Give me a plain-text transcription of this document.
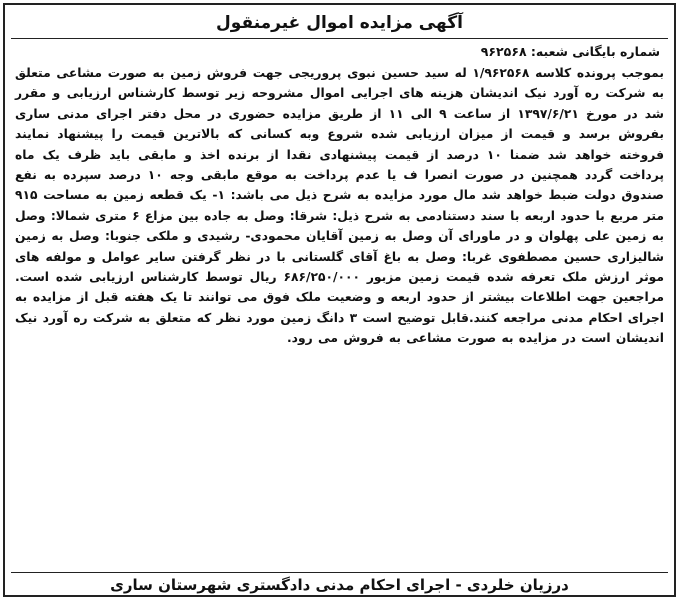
آگهی مزایده اموال غیرمنقول
شماره بایگانی شعبه: ۹۶۲۵۶۸
بموجب پرونده کلاسه ۱/۹۶۲۵۶۸ له سید حسین نبوی پروریجی جهت فروش زمین به صورت مشاعی متعلق به شرکت ره آورد نیک اندیشان هزینه های اجرایی اموال مشروحه زیر توسط کارشناس ارزیابی و مقرر شد در مورخ ۱۳۹۷/۶/۲۱ از ساعت ۹ الی ۱۱ از طریق مزایده حضوری در محل دفتر اجرای مدنی ساری بفروش برسد و قیمت از میزان ارزیابی شده شروع وبه کسانی که بالاترین قیمت را پیشنهاد نمایند فروخته خواهد شد ضمنا ۱۰ درصد از قیمت پیشنهادی نقدا از برنده اخذ و مابقی باید ظرف یک ماه پرداخت گردد همچنین در صورت انصرا ف یا عدم پرداخت به موقع مابقی وجه ۱۰ درصد سپرده به نفع صندوق دولت ضبط خواهد شد مال مورد مزایده به شرح ذیل می باشد: ۱- یک قطعه زمین به مساحت ۹۱۵ متر مربع با حدود اربعه با سند دستنادمی به شرح ذیل: شرقا: وصل به جاده بین مزاع ۶ متری شمالا: وصل به زمین علی پهلوان و در ماورای آن وصل به زمین آقایان محمودی- رشیدی و ملکی جنوبا: وصل به زمین شالیزاری حسین مصطفوی غربا: وصل به باغ آقای گلستانی با در نظر گرفتن سایر عوامل و مولفه های موثر ارزش ملک تعرفه شده قیمت زمین مزبور ۶۸۶/۲۵۰/۰۰۰ ریال توسط کارشناس ارزیابی شده است. مراجعین جهت اطلاعات بیشتر از حدود اربعه و وضعیت ملک فوق می توانند تا یک هفته قبل از مزایده به اجرای احکام مدنی مراجعه کنند.قابل توضیح است ۳ دانگ زمین مورد نظر که متعلق به شرکت ره آورد نیک اندیشان است در مزایده به صورت مشاعی به فروش می رود.
درزیان خلردی - اجرای احکام مدنی دادگستری شهرستان ساری
